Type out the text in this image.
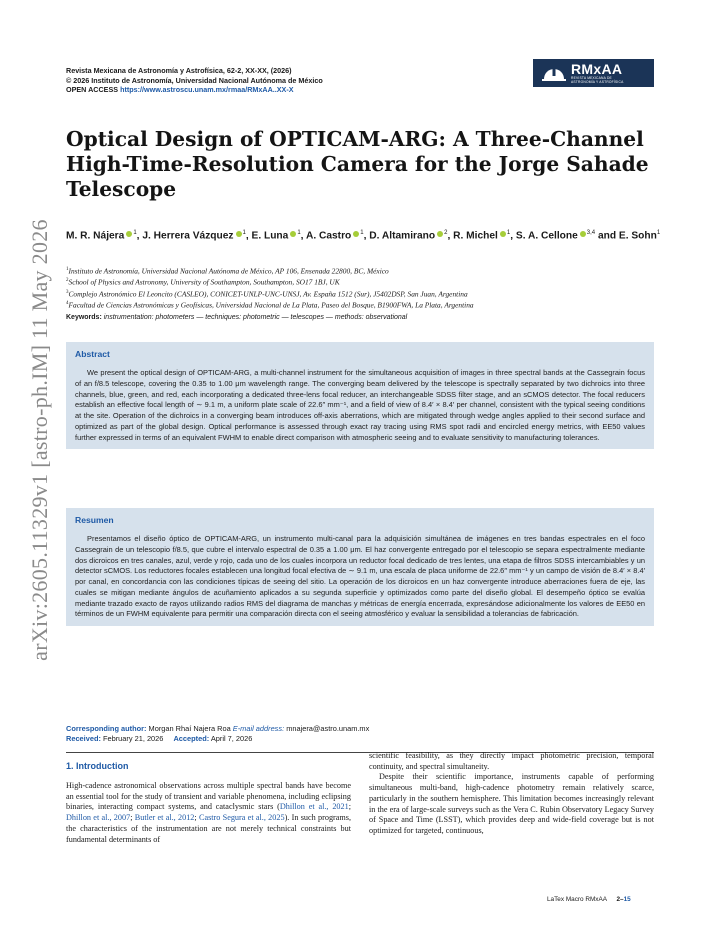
arXiv:2605.11329v1 [astro-ph.IM] 11 May 2026
Revista Mexicana de Astronomía y Astrofísica, 62-2, XX-XX, (2026)
© 2026 Instituto de Astronomía, Universidad Nacional Autónoma de México
OPEN ACCESS https://www.astroscu.unam.mx/rmaa/RMxAA..XX-X
RMxAA
REVISTA MEXICANA DE
ASTRONOMÍA Y ASTROFÍSICA
Optical Design of OPTICAM-ARG: A Three-Channel High-Time-Resolution Camera for the Jorge Sahade Telescope
M. R. Nájera $^1$, J. Herrera Vázquez $^1$, E. Luna $^1$, A. Castro $^1$, D. Altamirano $^2$, R. Michel $^1$, S. A. Cellone $^{3,4}$ and E. Sohn$^1$
$^1$Instituto de Astronomía, Universidad Nacional Autónoma de México, AP 106, Ensenada 22800, BC, México
$^2$School of Physics and Astronomy, University of Southampton, Southampton, SO17 1BJ, UK
$^3$Complejo Astronómico El Leoncito (CASLEO), CONICET-UNLP-UNC-UNSJ, Av. España 1512 (Sur), J5402DSP, San Juan, Argentina
$^4$Facultad de Ciencias Astronómicas y Geofísicas, Universidad Nacional de La Plata, Paseo del Bosque, B1900FWA, La Plata, Argentina
Keywords: instrumentation: photometers — techniques: photometric — telescopes — methods: observational
Abstract
We present the optical design of OPTICAM-ARG, a multi-channel instrument for the simultaneous acquisition of images in three spectral bands at the Cassegrain focus of an f/8.5 telescope, covering the 0.35 to 1.00 μm wavelength range. The converging beam delivered by the telescope is spectrally separated by two dichroics into three channels, blue, green, and red, each incorporating a dedicated three-lens focal reducer, an interchangeable SDSS filter stage, and an sCMOS detector. The focal reducers establish an effective focal length of ∼ 9.1 m, a uniform plate scale of 22.6″ mm⁻¹, and a field of view of 8.4′ × 8.4′ per channel, consistent with the typical seeing conditions at the site. Operation of the dichroics in a converging beam introduces off-axis aberrations, which are mitigated through wedge angles applied to their second surface and optimized as part of the global design. Optical performance is assessed through exact ray tracing using RMS spot radii and encircled energy metrics, with EE50 values further expressed in terms of an equivalent FWHM to enable direct comparison with atmospheric seeing and to evaluate sensitivity to manufacturing tolerances.
Resumen
Presentamos el diseño óptico de OPTICAM-ARG, un instrumento multi-canal para la adquisición simultánea de imágenes en tres bandas espectrales en el foco Cassegrain de un telescopio f/8.5, que cubre el intervalo espectral de 0.35 a 1.00 μm. El haz convergente entregado por el telescopio se separa espectralmente mediante dos dicroicos en tres canales, azul, verde y rojo, cada uno de los cuales incorpora un reductor focal dedicado de tres lentes, una etapa de filtros SDSS intercambiables y un detector sCMOS. Los reductores focales establecen una longitud focal efectiva de ∼ 9.1 m, una escala de placa uniforme de 22.6″ mm⁻¹ y un campo de visión de 8.4′ × 8.4′ por canal, en concordancia con las condiciones típicas de seeing del sitio. La operación de los dicroicos en un haz convergente introduce aberraciones fuera de eje, las cuales se mitigan mediante ángulos de acuñamiento aplicados a su segunda superficie y optimizados como parte del diseño global. El desempeño óptico se evalúa mediante trazado exacto de rayos utilizando radios RMS del diagrama de manchas y métricas de energía encerrada, expresándose adicionalmente los valores de EE50 en términos de un FWHM equivalente para permitir una comparación directa con el seeing atmosférico y evaluar la sensibilidad a tolerancias de fabricación.
Corresponding author: Morgan Rhaí Najera Roa E-mail address: mnajera@astro.unam.mx
Received: February 21, 2026 Accepted: April 7, 2026
1. Introduction

High-cadence astronomical observations across multiple spectral bands have become an essential tool for the study of transient and variable phenomena, including eclipsing binaries, interacting compact systems, and cataclysmic stars (Dhillon et al., 2021; Dhillon et al., 2007; Butler et al., 2012; Castro Segura et al., 2025). In such programs, the characteristics of the instrumentation are not merely technical constraints but fundamental determinants of

scientific feasibility, as they directly impact photometric precision, temporal continuity, and spectral simultaneity.

Despite their scientific importance, instruments capable of performing simultaneous multi-band, high-cadence photometry remain relatively scarce, particularly in the southern hemisphere. This limitation becomes increasingly relevant in the era of large-scale surveys such as the Vera C. Rubin Observatory Legacy Survey of Space and Time (LSST), which provides deep and wide-field coverage but is not optimized for targeted, continuous,

LaTex Macro RMxAA 2–15
